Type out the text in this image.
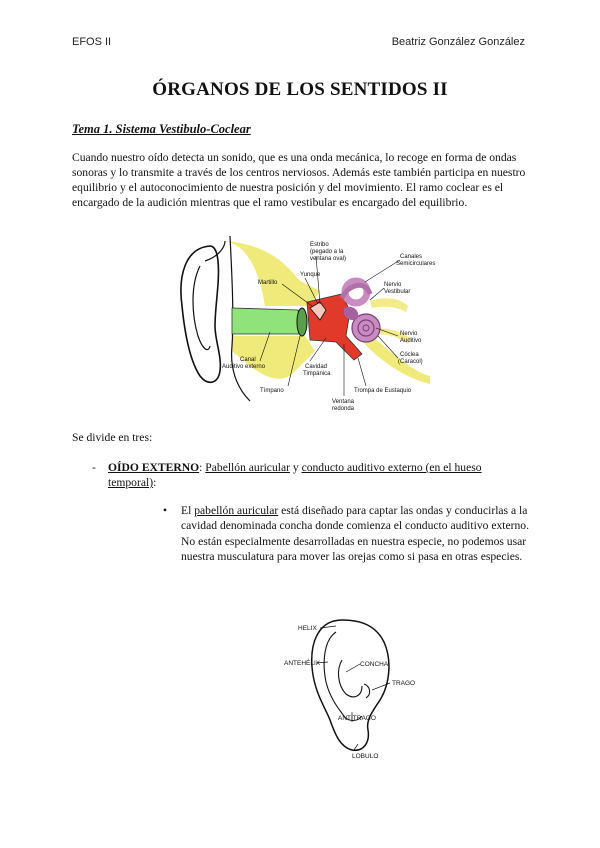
EFOS II	Beatriz González González
ÓRGANOS DE LOS SENTIDOS II
Tema 1. Sistema Vestibulo-Coclear
Cuando nuestro oído detecta un sonido, que es una onda mecánica, lo recoge en forma de ondas sonoras y lo transmite a través de los centros nerviosos. Además este también participa en nuestro equilibrio y el autoconocimiento de nuestra posición y del movimiento. El ramo coclear es el encargado de la audición mientras que el ramo vestibular es encargado del equilibrio.
Estribo
(pegado a la
ventana oval)	Canales
Semicirculares
Yunque
Martillo	Nervio
Vestibular
Nervio
Auditivo
Cóclea
(Caracol)
Canal
Auditivo externo	Cavidad
Timpánica
Tímpano	Trompa de Eustaquio
Ventana
redonda
Se divide en tres:
- OÍDO EXTERNO: Pabellón auricular y conducto auditivo externo (en el hueso temporal):
• El pabellón auricular está diseñado para captar las ondas y conducirlas a la cavidad denominada concha donde comienza el conducto auditivo externo. No están especialmente desarrolladas en nuestra especie, no podemos usar nuestra musculatura para mover las orejas como si pasa en otras especies.
HELIX
ANTEHÉLIX	CONCHA
TRAGO
ANTITRAGO
LOBULO
